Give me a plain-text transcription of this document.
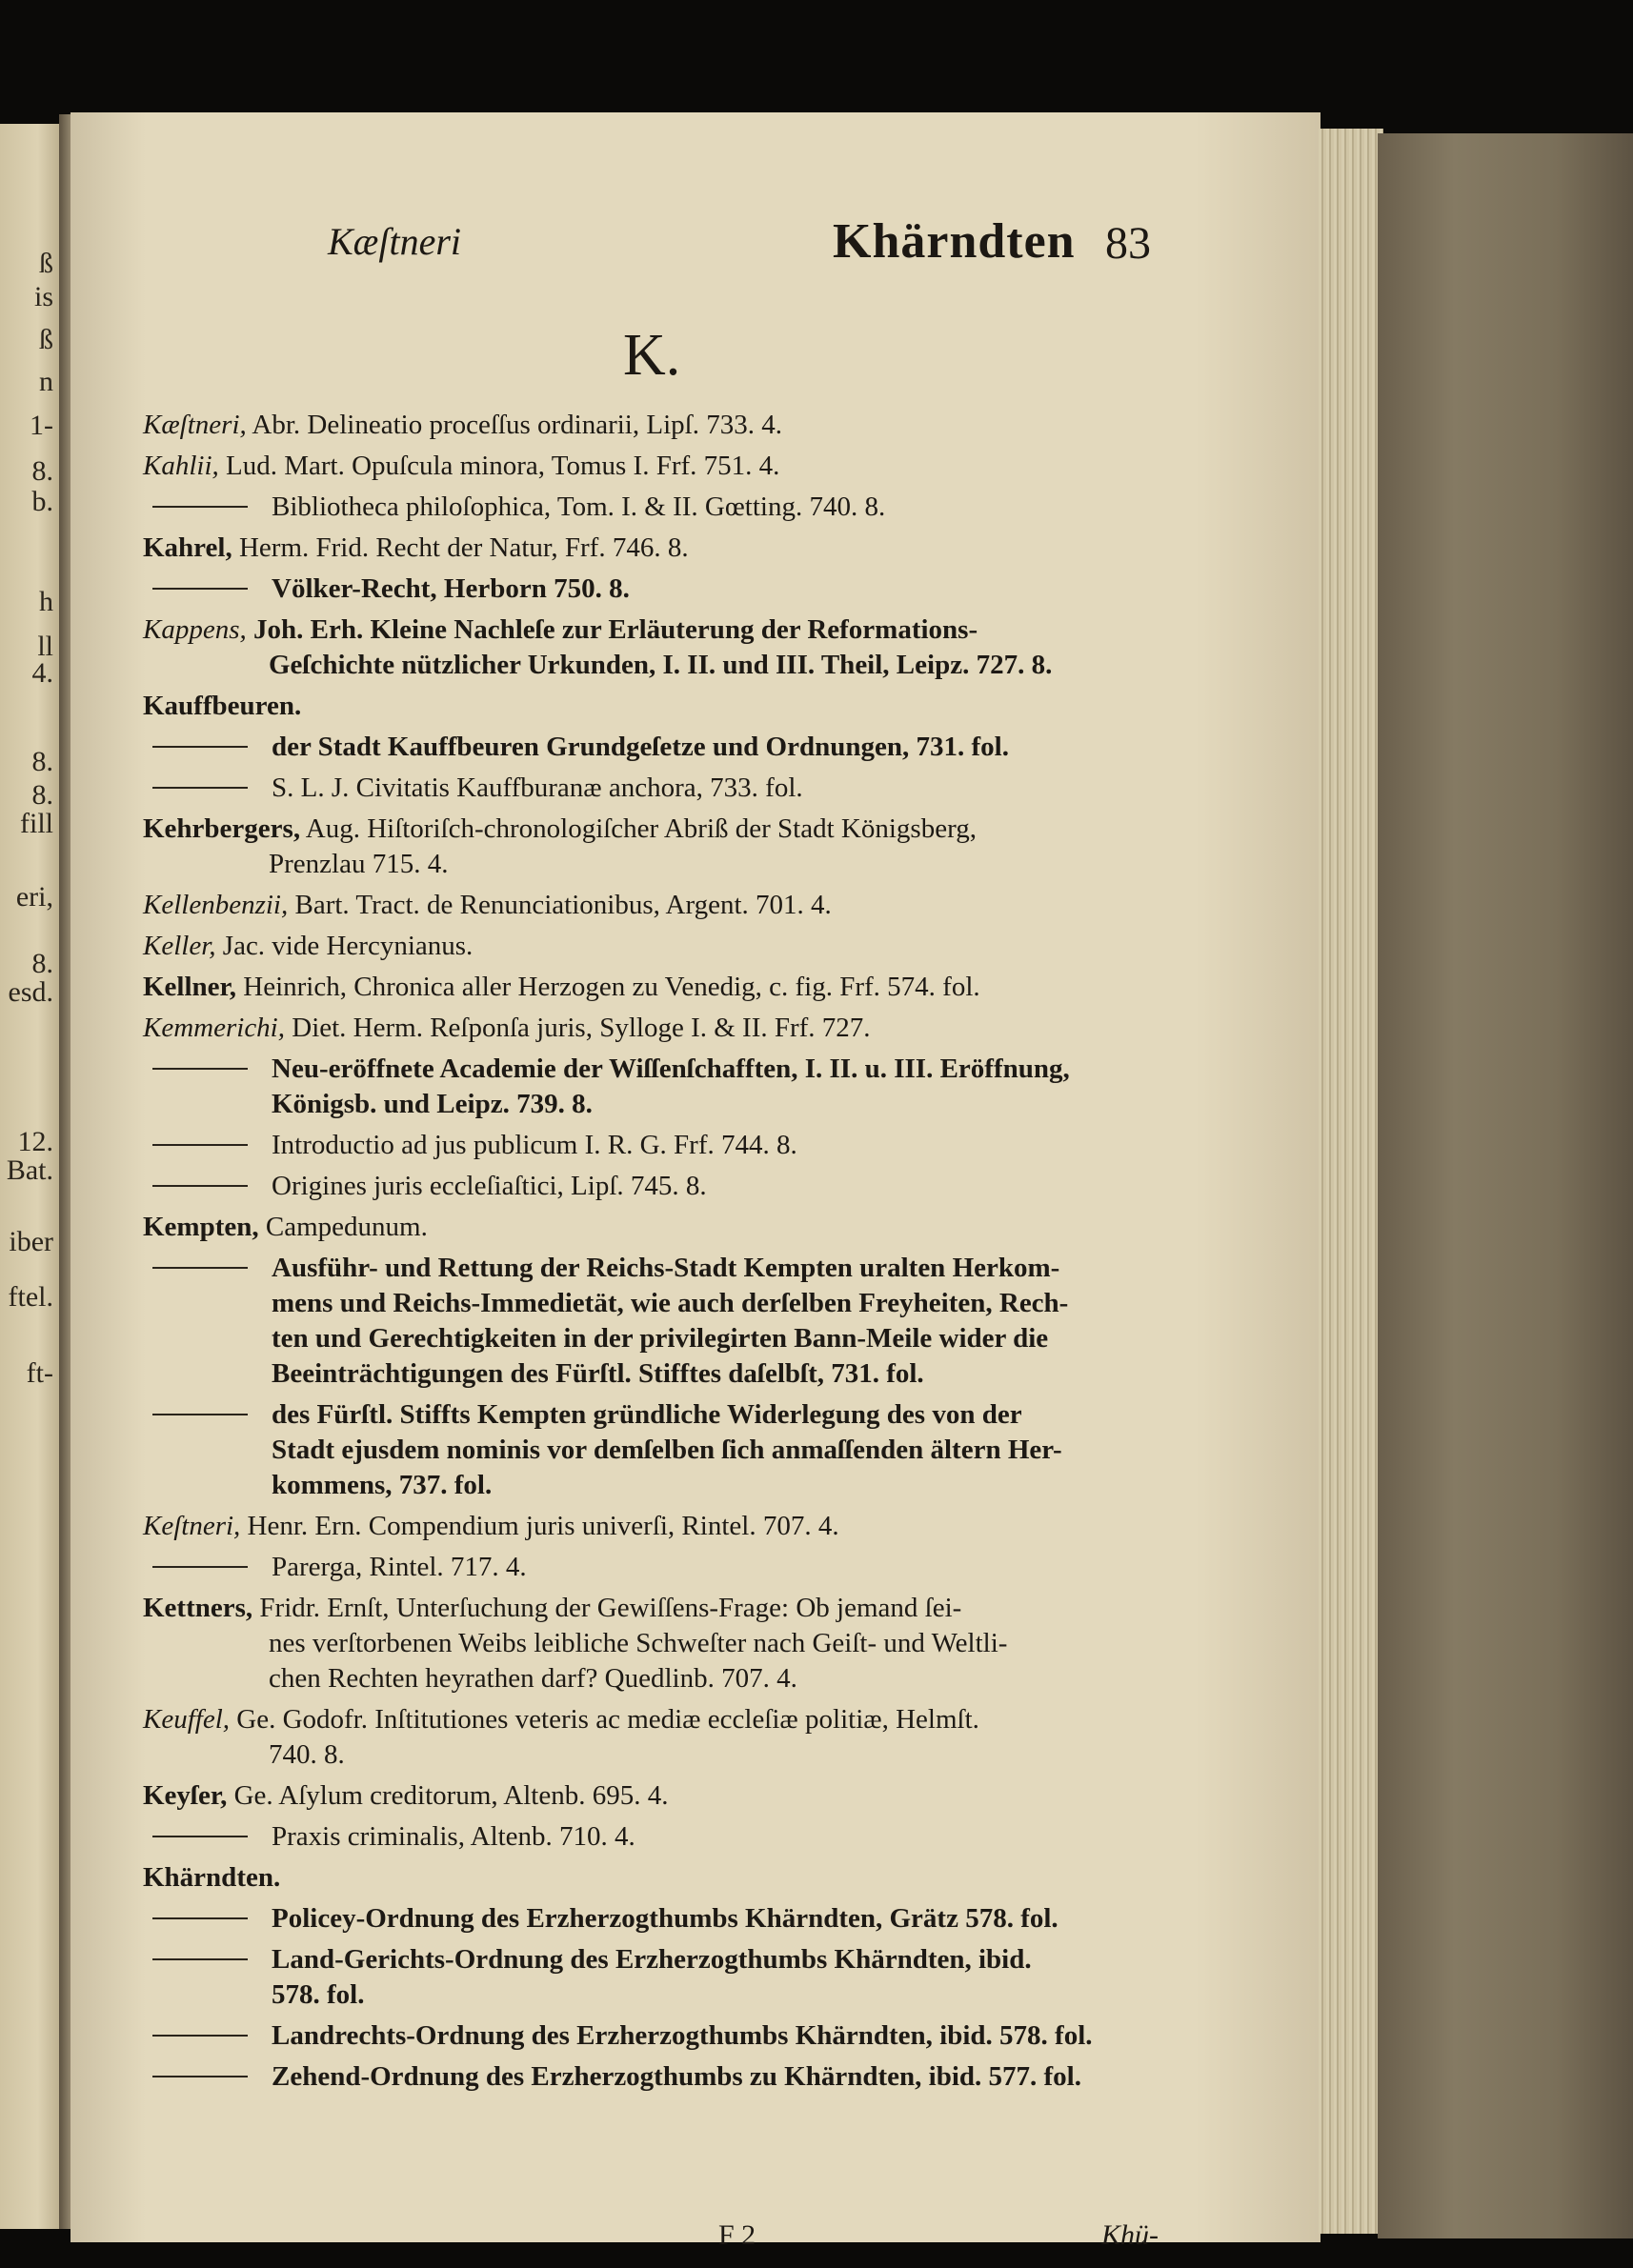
ß
is
ß
n
1-
8.
b.
h
ll
4.
8.
8.
fill
eri,
8.
esd.
12.
Bat.
iber
ftel.
ft-
Kæſtneri	Khärndten 83
K.
Kæſtneri, Abr. Delineatio proceſſus ordinarii, Lipſ. 733. 4.
Kahlii, Lud. Mart. Opuſcula minora, Tomus I. Frf. 751. 4.
Bibliotheca philoſophica, Tom. I. & II. Gœtting. 740. 8.
Kahrel, Herm. Frid. Recht der Natur, Frf. 746. 8.
Völker-Recht, Herborn 750. 8.
Kappens, Joh. Erh. Kleine Nachleſe zur Erläuterung der Reformations-
Geſchichte nützlicher Urkunden, I. II. und III. Theil, Leipz. 727. 8.
Kauffbeuren.
der Stadt Kauffbeuren Grundgeſetze und Ordnungen, 731. fol.
S. L. J. Civitatis Kauffburanæ anchora, 733. fol.
Kehrbergers, Aug. Hiſtoriſch-chronologiſcher Abriß der Stadt Königsberg,
Prenzlau 715. 4.
Kellenbenzii, Bart. Tract. de Renunciationibus, Argent. 701. 4.
Keller, Jac. vide Hercynianus.
Kellner, Heinrich, Chronica aller Herzogen zu Venedig, c. fig. Frf. 574. fol.
Kemmerichi, Diet. Herm. Reſponſa juris, Sylloge I. & II. Frf. 727.
Neu-eröffnete Academie der Wiſſenſchafften, I. II. u. III. Eröffnung,
Königsb. und Leipz. 739. 8.
Introductio ad jus publicum I. R. G. Frf. 744. 8.
Origines juris eccleſiaſtici, Lipſ. 745. 8.
Kempten, Campedunum.
Ausführ- und Rettung der Reichs-Stadt Kempten uralten Herkom-
mens und Reichs-Immedietät, wie auch derſelben Freyheiten, Rech-
ten und Gerechtigkeiten in der privilegirten Bann-Meile wider die
Beeinträchtigungen des Fürſtl. Stifftes daſelbſt, 731. fol.
des Fürſtl. Stiffts Kempten gründliche Widerlegung des von der
Stadt ejusdem nominis vor demſelben ſich anmaſſenden ältern Her-
kommens, 737. fol.
Keſtneri, Henr. Ern. Compendium juris univerſi, Rintel. 707. 4.
Parerga, Rintel. 717. 4.
Kettners, Fridr. Ernſt, Unterſuchung der Gewiſſens-Frage: Ob jemand ſei-
nes verſtorbenen Weibs leibliche Schweſter nach Geiſt- und Weltli-
chen Rechten heyrathen darf? Quedlinb. 707. 4.
Keuffel, Ge. Godofr. Inſtitutiones veteris ac mediæ eccleſiæ politiæ, Helmſt.
740. 8.
Keyſer, Ge. Aſylum creditorum, Altenb. 695. 4.
Praxis criminalis, Altenb. 710. 4.
Khärndten.
Policey-Ordnung des Erzherzogthumbs Khärndten, Grätz 578. fol.
Land-Gerichts-Ordnung des Erzherzogthumbs Khärndten, ibid.
578. fol.
Landrechts-Ordnung des Erzherzogthumbs Khärndten, ibid. 578. fol.
Zehend-Ordnung des Erzherzogthumbs zu Khärndten, ibid. 577. fol.
F 2	Khü-
